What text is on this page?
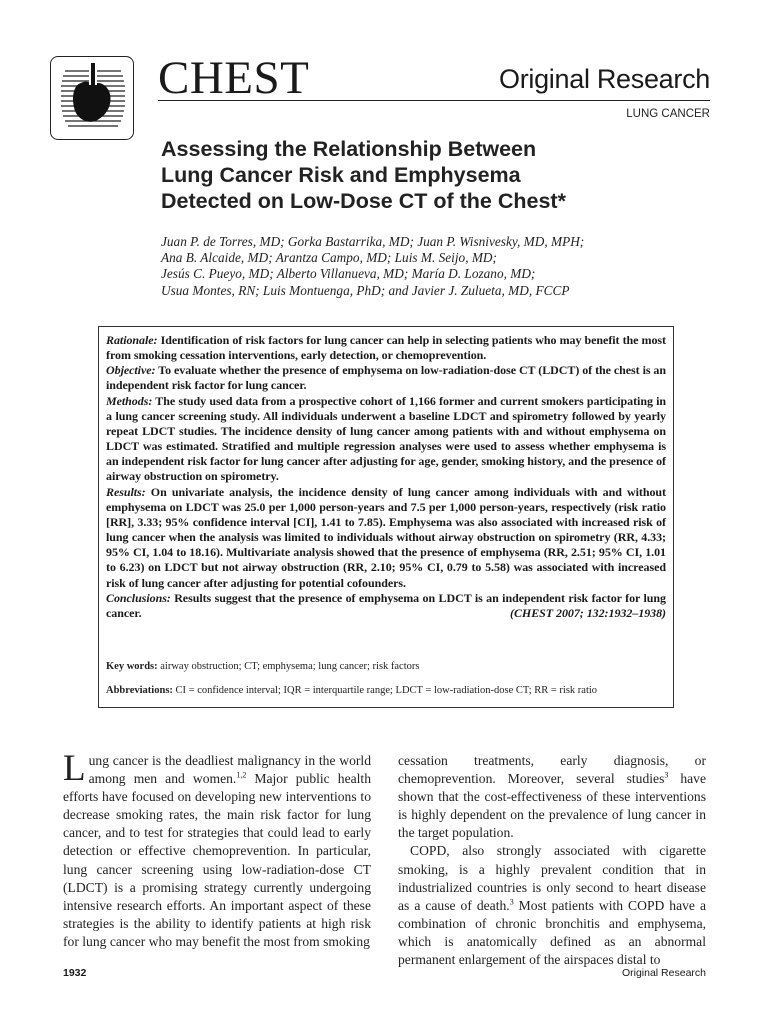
CHEST	Original Research
LUNG CANCER
Assessing the Relationship Between
Lung Cancer Risk and Emphysema
Detected on Low-Dose CT of the Chest*
Juan P. de Torres, MD; Gorka Bastarrika, MD; Juan P. Wisnivesky, MD, MPH;
Ana B. Alcaide, MD; Arantza Campo, MD; Luis M. Seijo, MD;
Jesús C. Pueyo, MD; Alberto Villanueva, MD; María D. Lozano, MD;
Usua Montes, RN; Luis Montuenga, PhD; and Javier J. Zulueta, MD, FCCP

Rationale: Identification of risk factors for lung cancer can help in selecting patients who may benefit the most from smoking cessation interventions, early detection, or chemoprevention.

Objective: To evaluate whether the presence of emphysema on low-radiation-dose CT (LDCT) of the chest is an independent risk factor for lung cancer.

Methods: The study used data from a prospective cohort of 1,166 former and current smokers participating in a lung cancer screening study. All individuals underwent a baseline LDCT and spirometry followed by yearly repeat LDCT studies. The incidence density of lung cancer among patients with and without emphysema on LDCT was estimated. Stratified and multiple regression analyses were used to assess whether emphysema is an independent risk factor for lung cancer after adjusting for age, gender, smoking history, and the presence of airway obstruction on spirometry.

Results: On univariate analysis, the incidence density of lung cancer among individuals with and without emphysema on LDCT was 25.0 per 1,000 person-years and 7.5 per 1,000 person-years, respectively (risk ratio [RR], 3.33; 95% confidence interval [CI], 1.41 to 7.85). Emphysema was also associated with increased risk of lung cancer when the analysis was limited to individuals without airway obstruction on spirometry (RR, 4.33; 95% CI, 1.04 to 18.16). Multivariate analysis showed that the presence of emphysema (RR, 2.51; 95% CI, 1.01 to 6.23) on LDCT but not airway obstruction (RR, 2.10; 95% CI, 0.79 to 5.58) was associated with increased risk of lung cancer after adjusting for potential cofounders.

Conclusions: Results suggest that the presence of emphysema on LDCT is an independent risk factor for lung cancer.	(CHEST 2007; 132:1932–1938)

Key words: airway obstruction; CT; emphysema; lung cancer; risk factors
Abbreviations: CI = confidence interval; IQR = interquartile range; LDCT = low-radiation-dose CT; RR = risk ratio

Lung cancer is the deadliest malignancy in the world among men and women.$^{1,2}$ Major public health efforts have focused on developing new interventions to decrease smoking rates, the main risk factor for lung cancer, and to test for strategies that could lead to early detection or effective chemoprevention. In particular, lung cancer screening using low-radiation-dose CT (LDCT) is a promising strategy currently undergoing intensive research efforts. An important aspect of these strategies is the ability to identify patients at high risk for lung cancer who may benefit the most from smoking

cessation treatments, early diagnosis, or chemoprevention. Moreover, several studies$^3$ have shown that the cost-effectiveness of these interventions is highly dependent on the prevalence of lung cancer in the target population.

COPD, also strongly associated with cigarette smoking, is a highly prevalent condition that in industrialized countries is only second to heart disease as a cause of death.$^3$ Most patients with COPD have a combination of chronic bronchitis and emphysema, which is anatomically defined as an abnormal permanent enlargement of the airspaces distal to

1932	Original Research
